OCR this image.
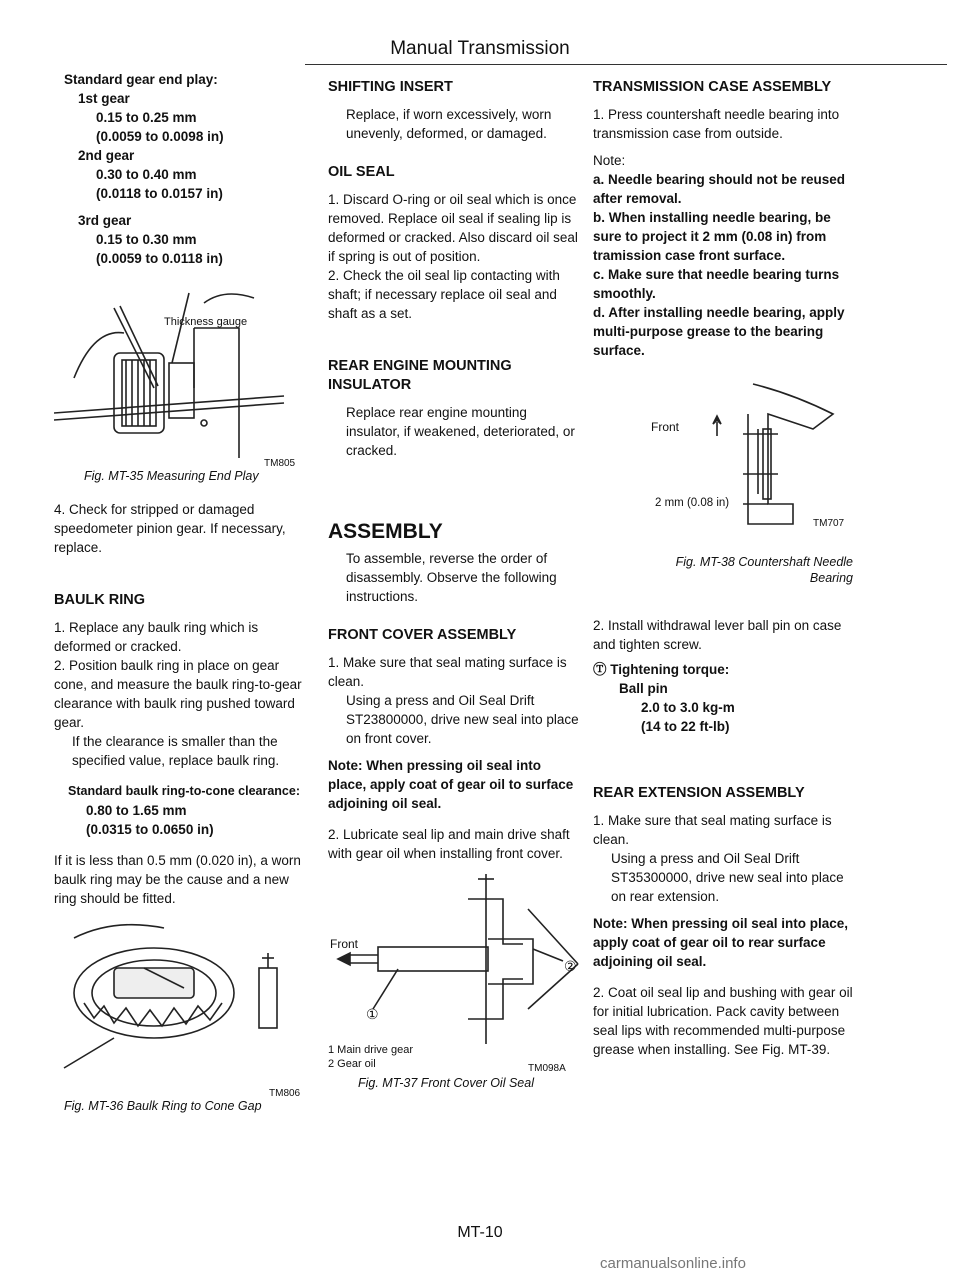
Manual Transmission

Standard gear end play:

1st gear

0.15 to 0.25 mm

(0.0059 to 0.0098 in)

2nd gear

0.30 to 0.40 mm

(0.0118 to 0.0157 in)

3rd gear

0.15 to 0.30 mm

(0.0059 to 0.0118 in)

Thickness gauge
TM805

Fig. MT-35 Measuring End Play

4. Check for stripped or damaged speedometer pinion gear. If necessary, replace.

BAULK RING

1. Replace any baulk ring which is deformed or cracked.

2. Position baulk ring in place on gear cone, and measure the baulk ring-to-gear clearance with baulk ring pushed toward gear.

If the clearance is smaller than the specified value, replace baulk ring.

Standard baulk ring-to-cone clearance:

0.80 to 1.65 mm

(0.0315 to 0.0650 in)

If it is less than 0.5 mm (0.020 in), a worn baulk ring may be the cause and a new ring should be fitted.

TM806

Fig. MT-36 Baulk Ring to Cone Gap

SHIFTING INSERT

Replace, if worn excessively, worn unevenly, deformed, or damaged.

OIL SEAL

1. Discard O-ring or oil seal which is once removed. Replace oil seal if sealing lip is deformed or cracked. Also discard oil seal if spring is out of position.

2. Check the oil seal lip contacting with shaft; if necessary replace oil seal and shaft as a set.

REAR ENGINE MOUNTING INSULATOR

Replace rear engine mounting insulator, if weakened, deteriorated, or cracked.

ASSEMBLY

To assemble, reverse the order of disassembly. Observe the following instructions.

FRONT COVER ASSEMBLY

1. Make sure that seal mating surface is clean.

Using a press and Oil Seal Drift ST23800000, drive new seal into place on front cover.

Note: When pressing oil seal into place, apply coat of gear oil to surface adjoining oil seal.

2. Lubricate seal lip and main drive shaft with gear oil when installing front cover.

Front
①
②

1 Main drive gear

2 Gear oil	TM098A

Fig. MT-37 Front Cover Oil Seal

TRANSMISSION CASE ASSEMBLY

1. Press countershaft needle bearing into transmission case from outside.

Note:

a. Needle bearing should not be reused after removal.

b. When installing needle bearing, be sure to project it 2 mm (0.08 in) from tramission case front surface.

c. Make sure that needle bearing turns smoothly.

d. After installing needle bearing, apply multi-purpose grease to the bearing surface.

Front
2 mm (0.08 in)
TM707

Fig. MT-38 Countershaft Needle Bearing

2. Install withdrawal lever ball pin on case and tighten screw.

Ⓣ Tightening torque:

Ball pin

2.0 to 3.0 kg-m

(14 to 22 ft-lb)

REAR EXTENSION ASSEMBLY

1. Make sure that seal mating surface is clean.

Using a press and Oil Seal Drift ST35300000, drive new seal into place on rear extension.

Note: When pressing oil seal into place, apply coat of gear oil to rear surface adjoining oil seal.

2. Coat oil seal lip and bushing with gear oil for initial lubrication. Pack cavity between seal lips with recommended multi-purpose grease when installing. See Fig. MT-39.

MT-10
carmanualsonline.info
